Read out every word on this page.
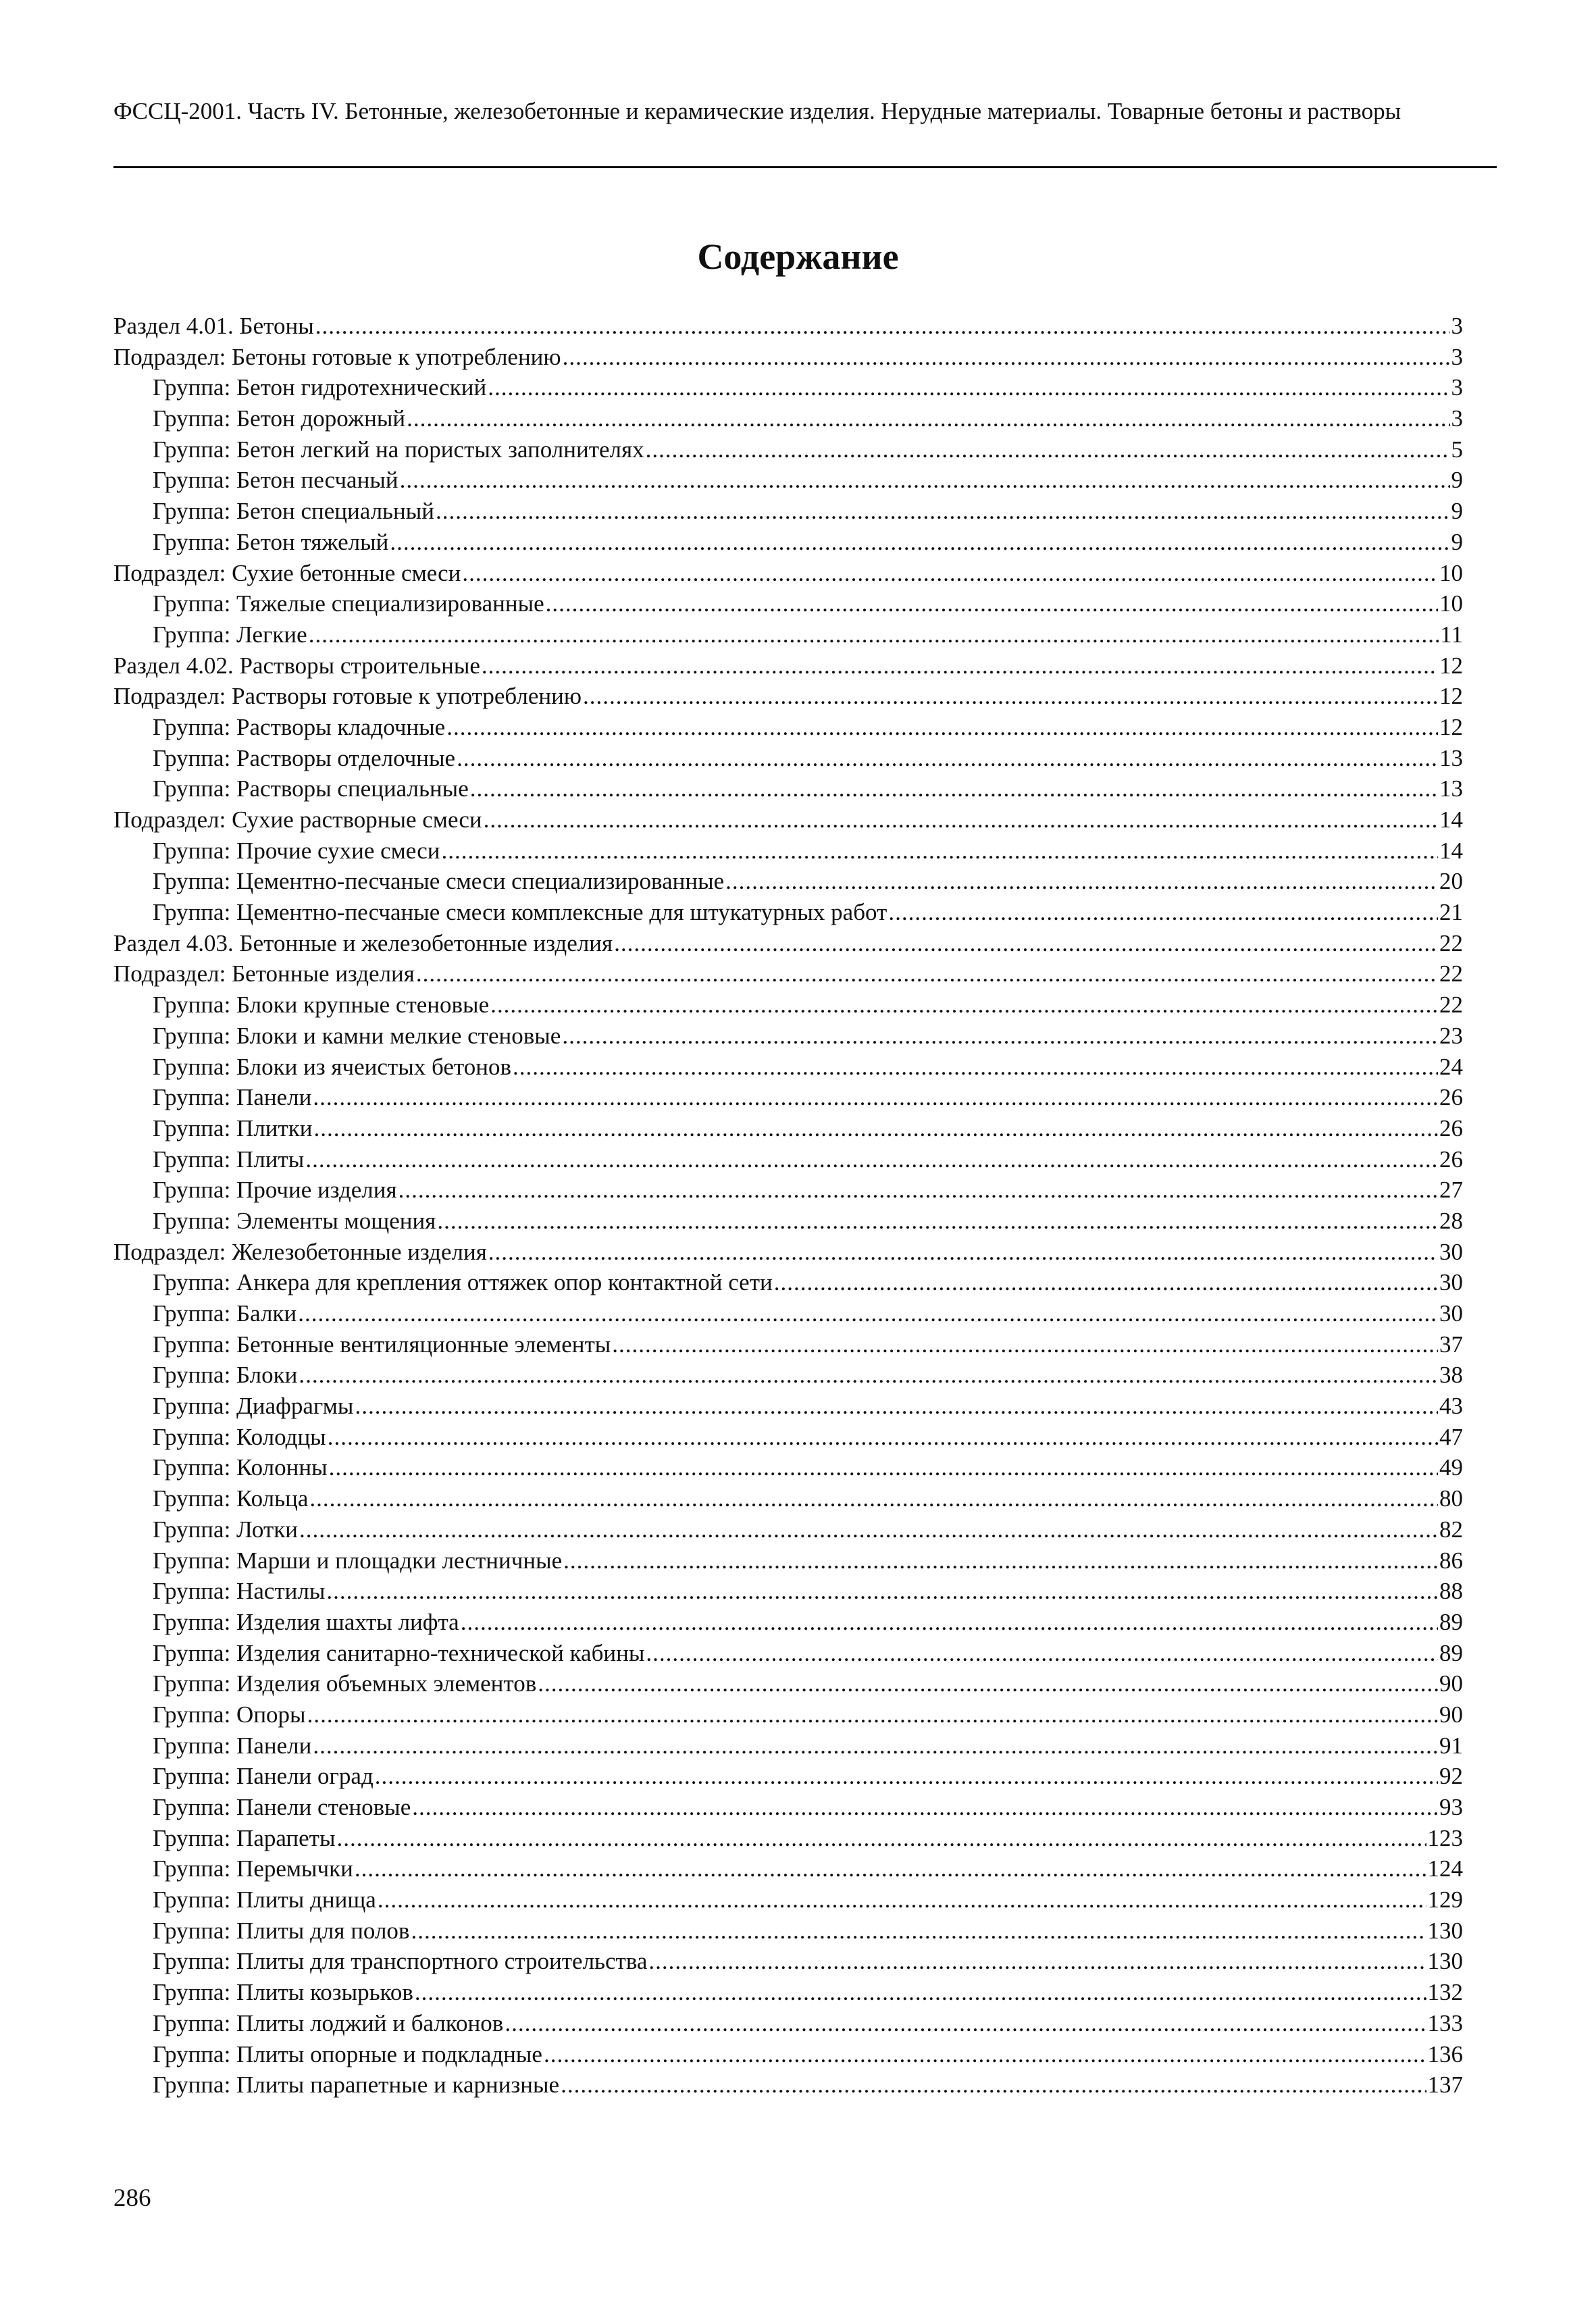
ФССЦ-2001. Часть IV. Бетонные, железобетонные и керамические изделия. Нерудные материалы. Товарные бетоны и растворы
Содержание
Раздел 4.01. Бетоны .....	3
Подраздел: Бетоны готовые к употреблению .....	3
Группа: Бетон гидротехнический .....	3
Группа: Бетон дорожный .....	3
Группа: Бетон легкий на пористых заполнителях .....	5
Группа: Бетон песчаный .....	9
Группа: Бетон специальный .....	9
Группа: Бетон тяжелый .....	9
Подраздел: Сухие бетонные смеси .....	10
Группа: Тяжелые специализированные .....	10
Группа: Легкие .....	11
Раздел 4.02. Растворы строительные .....	12
Подраздел: Растворы готовые к употреблению .....	12
Группа: Растворы кладочные .....	12
Группа: Растворы отделочные .....	13
Группа: Растворы специальные .....	13
Подраздел: Сухие растворные смеси .....	14
Группа: Прочие сухие смеси .....	14
Группа: Цементно-песчаные смеси специализированные .....	20
Группа: Цементно-песчаные смеси комплексные для штукатурных работ .....	21
Раздел 4.03. Бетонные и железобетонные изделия .....	22
Подраздел: Бетонные изделия .....	22
Группа: Блоки крупные стеновые .....	22
Группа: Блоки и камни мелкие стеновые .....	23
Группа: Блоки из ячеистых бетонов .....	24
Группа: Панели .....	26
Группа: Плитки .....	26
Группа: Плиты .....	26
Группа: Прочие изделия .....	27
Группа: Элементы мощения .....	28
Подраздел: Железобетонные изделия .....	30
Группа: Анкера для крепления оттяжек опор контактной сети .....	30
Группа: Балки .....	30
Группа: Бетонные вентиляционные элементы .....	37
Группа: Блоки .....	38
Группа: Диафрагмы .....	43
Группа: Колодцы .....	47
Группа: Колонны .....	49
Группа: Кольца .....	80
Группа: Лотки .....	82
Группа: Марши и площадки лестничные .....	86
Группа: Настилы .....	88
Группа: Изделия шахты лифта .....	89
Группа: Изделия санитарно-технической кабины .....	89
Группа: Изделия объемных элементов .....	90
Группа: Опоры .....	90
Группа: Панели .....	91
Группа: Панели оград .....	92
Группа: Панели стеновые .....	93
Группа: Парапеты .....	123
Группа: Перемычки .....	124
Группа: Плиты днища .....	129
Группа: Плиты для полов .....	130
Группа: Плиты для транспортного строительства .....	130
Группа: Плиты козырьков .....	132
Группа: Плиты лоджий и балконов .....	133
Группа: Плиты опорные и подкладные .....	136
Группа: Плиты парапетные и карнизные .....	137
286
